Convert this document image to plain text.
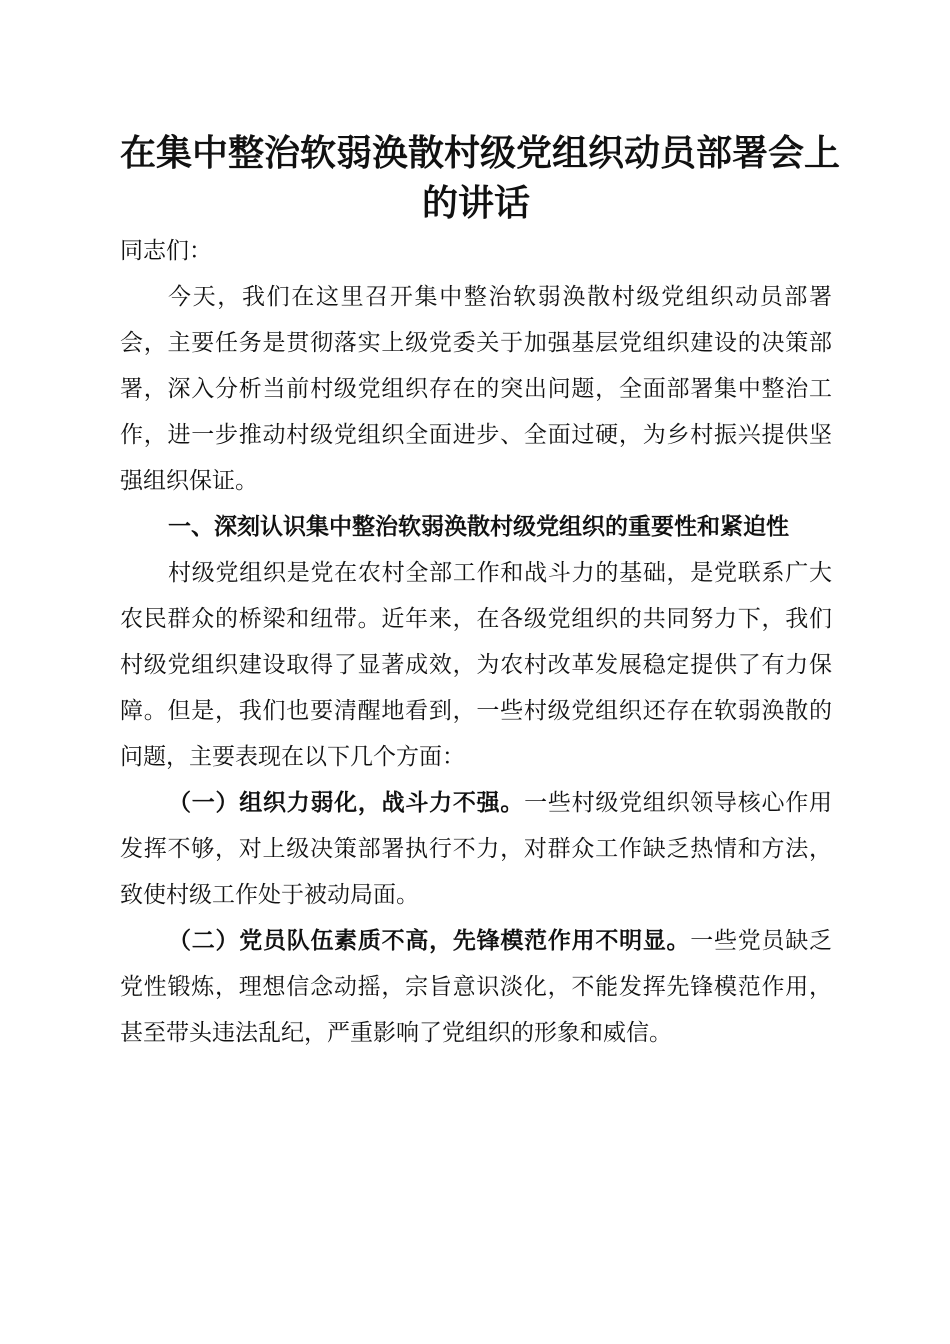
在集中整治软弱涣散村级党组织动员部署会上
的讲话

同志们：

今天，我们在这里召开集中整治软弱涣散村级党组织动员部署会，主要任务是贯彻落实上级党委关于加强基层党组织建设的决策部署，深入分析当前村级党组织存在的突出问题，全面部署集中整治工作，进一步推动村级党组织全面进步、全面过硬，为乡村振兴提供坚强组织保证。

一、深刻认识集中整治软弱涣散村级党组织的重要性和紧迫性

村级党组织是党在农村全部工作和战斗力的基础，是党联系广大农民群众的桥梁和纽带。近年来，在各级党组织的共同努力下，我们村级党组织建设取得了显著成效，为农村改革发展稳定提供了有力保障。但是，我们也要清醒地看到，一些村级党组织还存在软弱涣散的问题，主要表现在以下几个方面：

（一）组织力弱化，战斗力不强。一些村级党组织领导核心作用发挥不够，对上级决策部署执行不力，对群众工作缺乏热情和方法，致使村级工作处于被动局面。

（二）党员队伍素质不高，先锋模范作用不明显。一些党员缺乏党性锻炼，理想信念动摇，宗旨意识淡化，不能发挥先锋模范作用，甚至带头违法乱纪，严重影响了党组织的形象和威信。
